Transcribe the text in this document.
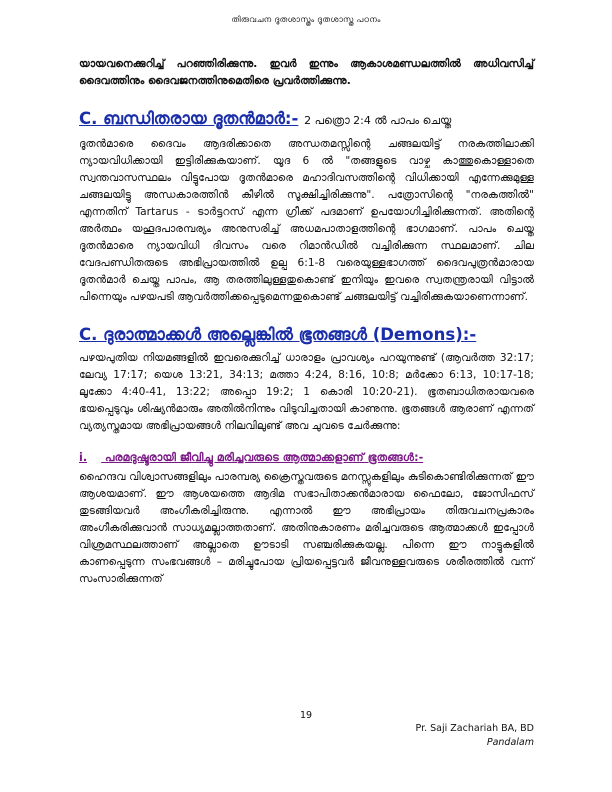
തിരുവചന ദൂതശാസ്ത്രം ദൂതശാസ്ത്ര പഠനം

യായവനെക്കുറിച്ച് പറഞ്ഞിരിക്കുന്നു. ഇവർ ഇന്നും ആകാശമണ്ഡലത്തിൽ അധിവസിച്ച് ദൈവത്തിനും ദൈവജനത്തിനുമെതിരെ പ്രവർത്തിക്കുന്നു.

C. ബന്ധിതരായ ദൂതൻമാർ:- 2 പത്രൊ 2:4 ൽ പാപം ചെയ്ത

ദൂതൻമാരെ ദൈവം ആദരിക്കാതെ അന്ധതമസ്സിന്റെ ചങ്ങലയിട്ട് നരകത്തിലാക്കി ന്യായവിധിക്കായി ഇട്ടിരിക്കുകയാണ്. യൂദ 6 ൽ "തങ്ങളുടെ വാഴ്ച കാത്തുകൊള്ളാതെ സ്വന്തവാസസ്ഥലം വിട്ടുപോയ ദൂതൻമാരെ മഹാദിവസത്തിന്റെ വിധിക്കായി എന്നേക്കുമുള്ള ചങ്ങലയിട്ടു അന്ധകാരത്തിൻ കീഴിൽ സൂക്ഷിച്ചിരിക്കുന്നു". പത്രോസിന്റെ "നരകത്തിൽ" എന്നതിന് Tartarus - ടാർട്ടറസ് എന്ന ഗ്രീക്ക് പദമാണ് ഉപയോഗിച്ചിരിക്കുന്നത്. അതിന്റെ അർത്ഥം യഹൂദപാരമ്പര്യം അനുസരിച്ച് അധമപാതാളത്തിന്റെ ഭാഗമാണ്. പാപം ചെയ്ത ദൂതൻമാരെ ന്യായവിധി ദിവസം വരെ റിമാൻഡിൽ വച്ചിരിക്കുന്ന സ്ഥലമാണ്. ചില വേദപണ്ഡിതരുടെ അഭിപ്രായത്തിൽ ഉല്പ 6:1-8 വരെയുള്ളഭാഗത്ത് ദൈവപുത്രൻമാരായ ദൂതൻമാർ ചെയ്ത പാപം, ആ തരത്തിലുള്ളതുകൊണ്ട് ഇനിയും ഇവരെ സ്വതന്ത്രരായി വിട്ടാൽ പിന്നെയും പഴയപടി ആവർത്തിക്കപ്പെടുമെന്നതുകൊണ്ട് ചങ്ങലയിട്ട് വച്ചിരിക്കുകയാണെന്നാണ്.

C. ദുരാത്മാക്കൾ അല്ലെങ്കിൽ ഭൂതങ്ങൾ (Demons):-

പഴയപുതിയ നിയമങ്ങളിൽ ഇവരെക്കുറിച്ച് ധാരാളം പ്രാവശ്യം പറയുന്നുണ്ട് (ആവർത്ത 32:17; ലേവ്യ 17:17; യെശ 13:21, 34:13; മത്താ 4:24, 8:16, 10:8; മർക്കോ 6:13, 10:17-18; ലൂക്കോ 4:40-41, 13:22; അപ്പൊ 19:2; 1 കൊരി 10:20-21). ഭൂതബാധിതരായവരെ ഭയപ്പെടുവും ശിഷ്യൻമാരും അതിൽനിന്നും വിടുവിച്ചതായി കാണുന്നു. ഭൂതങ്ങൾ ആരാണ് എന്നത് വ്യത്യസ്തമായ അഭിപ്രായങ്ങൾ നിലവിലുണ്ട് അവ ചുവടെ ചേർക്കുന്നു:

i. പരമദുഷ്ടരായി ജീവിച്ചു മരിച്ചവരുടെ ആത്മാക്കളാണ് ഭൂതങ്ങൾ:-

ഹൈന്ദവ വിശ്വാസങ്ങളിലും പാരമ്പര്യ ക്രൈസ്തവരുടെ മനസ്സുകളിലും കുടികൊണ്ടിരിക്കുന്നത് ഈ ആശയമാണ്. ഈ ആശയത്തെ ആദിമ സഭാപിതാക്കൻമാരായ ഫൈലോ, ജോസിഫസ് തുടങ്ങിയവർ അംഗീകരിച്ചിരുന്നു. എന്നാൽ ഈ അഭിപ്രായം തിരുവചനപ്രകാരം അംഗീകരിക്കുവാൻ സാധ്യമല്ലാത്തതാണ്. അതിനുകാരണം മരിച്ചവരുടെ ആത്മാക്കൾ ഇപ്പോൾ വിശ്രമസ്ഥലത്താണ് അല്ലാതെ ഊടാടി സഞ്ചരിക്കുകയല്ല. പിന്നെ ഈ നാട്ടുകളിൽ കാണപ്പെടുന്ന സംഭവങ്ങൾ – മരിച്ചുപോയ പ്രിയപ്പെട്ടവർ ജീവനുള്ളവരുടെ ശരീരത്തിൽ വന്ന് സംസാരിക്കുന്നത്

19
Pr. Saji Zachariah BA, BD
Pandalam
